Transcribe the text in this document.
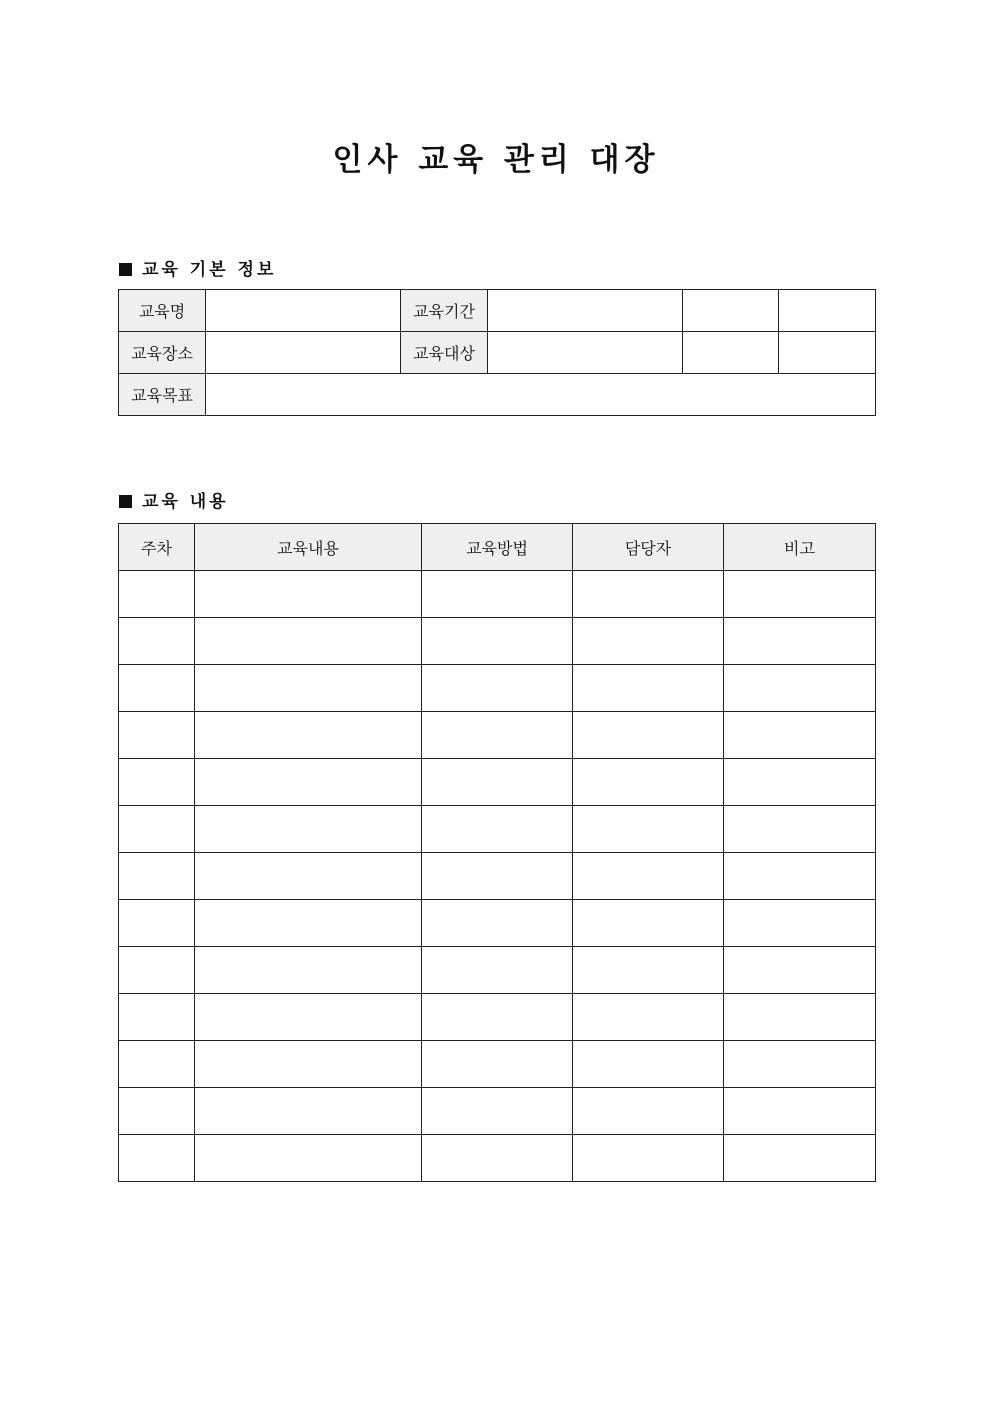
인사 교육 관리 대장
교육 기본 정보
교육명		교육기간			
교육장소		교육대상			
교육목표					
교육 내용
주차	교육내용	교육방법	담당자	비고
